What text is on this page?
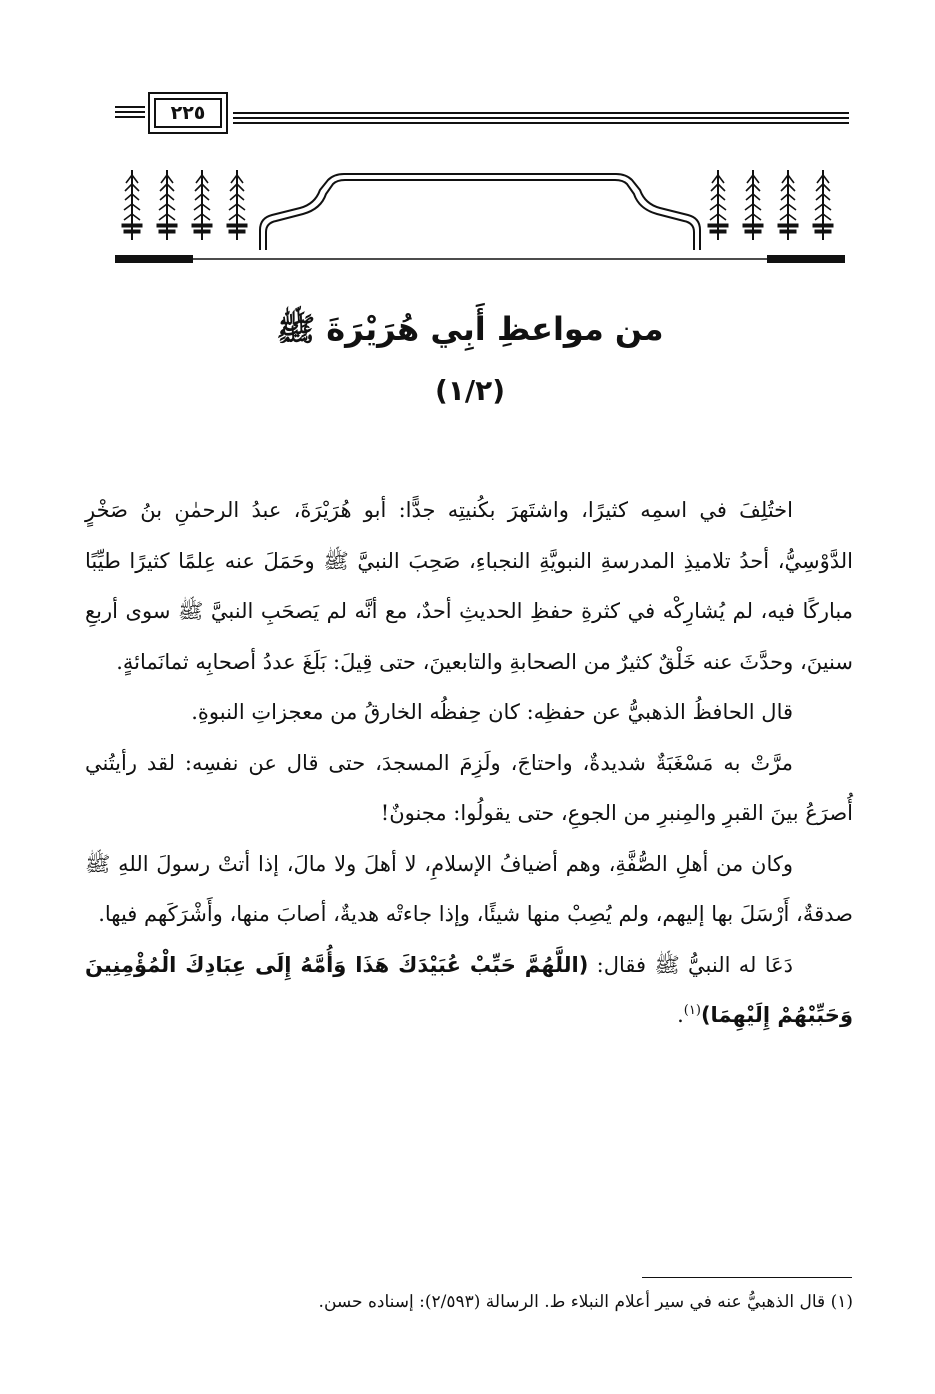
٢٢٥
من مواعظِ أَبِي هُرَيْرَةَ ﷺ
(١/٢)

اختُلِفَ في اسمِه كثيرًا، واشتَهرَ بكُنيتِه جدًّا: أبو هُرَيْرَةَ، عبدُ الرحمٰنِ بنُ صَخْرٍ الدَّوْسِيُّ، أحدُ تلاميذِ المدرسةِ النبويَّةِ النجباءِ، صَحِبَ النبيَّ ﷺ وحَمَلَ عنه عِلمًا كثيرًا طيِّبًا مباركًا فيه، لم يُشارِكْه في كثرةِ حفظِ الحديثِ أحدٌ، مع أنَّه لم يَصحَبِ النبيَّ ﷺ سوى أربعِ سنينَ، وحدَّثَ عنه خَلْقٌ كثيرٌ من الصحابةِ والتابعينَ، حتى قِيلَ: بَلَغَ عددُ أصحابِه ثمانَمائةٍ.

قال الحافظُ الذهبيُّ عن حفظِه: كان حِفظُه الخارقُ من معجزاتِ النبوةِ.

مرَّتْ به مَسْغَبَةٌ شديدةٌ، واحتاجَ، ولَزِمَ المسجدَ، حتى قال عن نفسِه: لقد رأيتُني أُصرَعُ بينَ القبرِ والمِنبرِ من الجوعِ، حتى يقولُوا: مجنونٌ!

وكان من أهلِ الصُّفَّةِ، وهم أضيافُ الإسلامِ، لا أهلَ ولا مالَ، إذا أتتْ رسولَ اللهِ ﷺ صدقةٌ، أَرْسَلَ بها إليهم، ولم يُصِبْ منها شيئًا، وإذا جاءتْه هديةٌ، أصابَ منها، وأَشْرَكَهم فيها.

دَعَا له النبيُّ ﷺ فقال: (اللَّهُمَّ حَبِّبْ عُبَيْدَكَ هَذَا وَأُمَّهُ إِلَى عِبَادِكَ الْمُؤْمِنِينَ وَحَبِّبْهُمْ إِلَيْهِمَا)$^{(١)}$.

(١) قال الذهبيُّ عنه في سير أعلام النبلاء ط. الرسالة (٢/٥٩٣): إسناده حسن.
